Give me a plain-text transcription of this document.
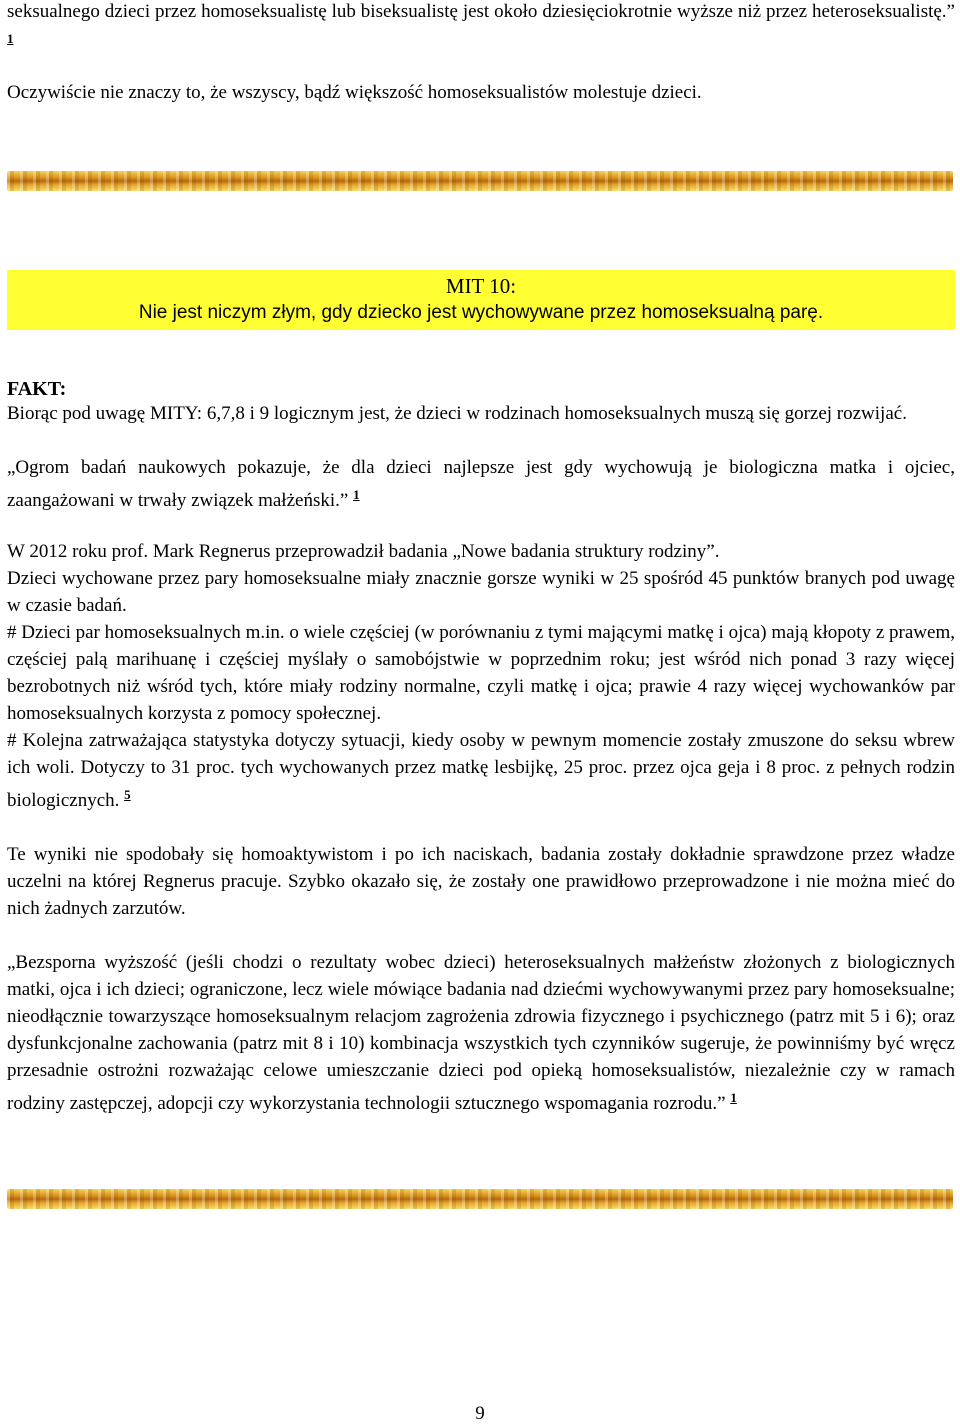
seksualnego dzieci przez homoseksualistę lub biseksualistę jest około dziesięciokrotnie wyższe niż przez heteroseksualistę.” $^1$

Oczywiście nie znaczy to, że wszyscy, bądź większość homoseksualistów molestuje dzieci.

MIT 10:
Nie jest niczym złym, gdy dziecko jest wychowywane przez homoseksualną parę.
FAKT:

Biorąc pod uwagę MITY: 6,7,8 i 9 logicznym jest, że dzieci w rodzinach homoseksualnych muszą się gorzej rozwijać.

„Ogrom badań naukowych pokazuje, że dla dzieci najlepsze jest gdy wychowują je biologiczna matka i ojciec, zaangażowani w trwały związek małżeński.” $^1$

W 2012 roku prof. Mark Regnerus przeprowadził badania „Nowe badania struktury rodziny”.

Dzieci wychowane przez pary homoseksualne miały znacznie gorsze wyniki w 25 spośród 45 punktów branych pod uwagę w czasie badań.

# Dzieci par homoseksualnych m.in. o wiele częściej (w porównaniu z tymi mającymi matkę i ojca) mają kłopoty z prawem, częściej palą marihuanę i częściej myślały o samobójstwie w poprzednim roku; jest wśród nich ponad 3 razy więcej bezrobotnych niż wśród tych, które miały rodziny normalne, czyli matkę i ojca; prawie 4 razy więcej wychowanków par homoseksualnych korzysta z pomocy społecznej.

# Kolejna zatrważająca statystyka dotyczy sytuacji, kiedy osoby w pewnym momencie zostały zmuszone do seksu wbrew ich woli. Dotyczy to 31 proc. tych wychowanych przez matkę lesbijkę, 25 proc. przez ojca geja i 8 proc. z pełnych rodzin biologicznych. $^5$

Te wyniki nie spodobały się homoaktywistom i po ich naciskach, badania zostały dokładnie sprawdzone przez władze uczelni na której Regnerus pracuje. Szybko okazało się, że zostały one prawidłowo przeprowadzone i nie można mieć do nich żadnych zarzutów.

„Bezsporna wyższość (jeśli chodzi o rezultaty wobec dzieci) heteroseksualnych małżeństw złożonych z biologicznych matki, ojca i ich dzieci; ograniczone, lecz wiele mówiące badania nad dziećmi wychowywanymi przez pary homoseksualne; nieodłącznie towarzyszące homoseksualnym relacjom zagrożenia zdrowia fizycznego i psychicznego (patrz mit 5 i 6); oraz dysfunkcjonalne zachowania (patrz mit 8 i 10) kombinacja wszystkich tych czynników sugeruje, że powinniśmy być wręcz przesadnie ostrożni rozważając celowe umieszczanie dzieci pod opieką homoseksualistów, niezależnie czy w ramach rodziny zastępczej, adopcji czy wykorzystania technologii sztucznego wspomagania rozrodu.” $^1$

9
